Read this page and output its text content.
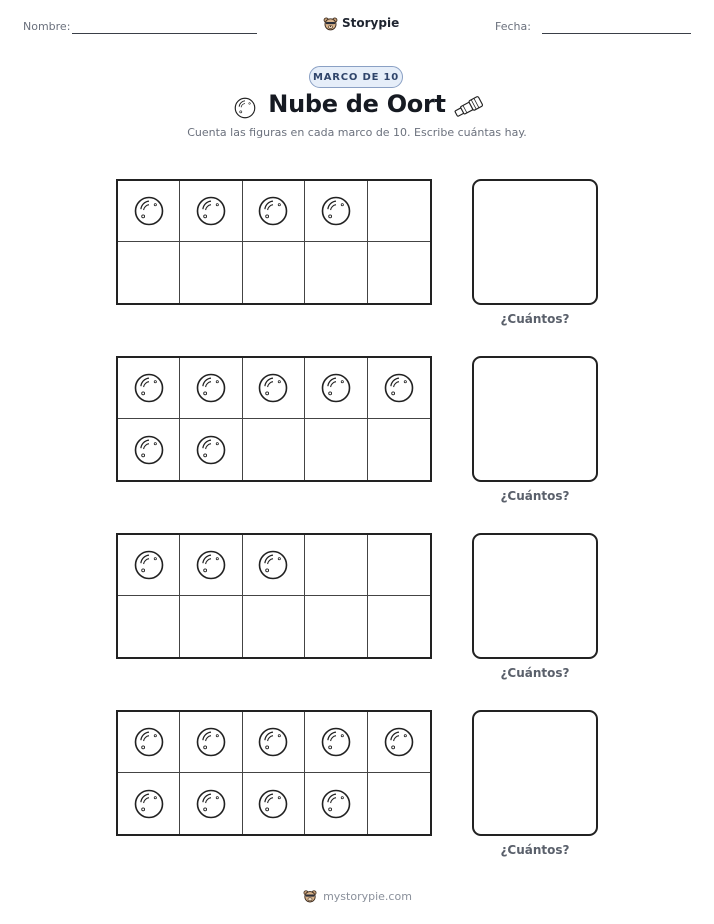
Nombre:	Storypie	Fecha:
MARCO DE 10
Nube de Oort
Cuenta las figuras en cada marco de 10. Escribe cuántas hay.
¿Cuántos?
¿Cuántos?
¿Cuántos?
¿Cuántos?
mystorypie.com
